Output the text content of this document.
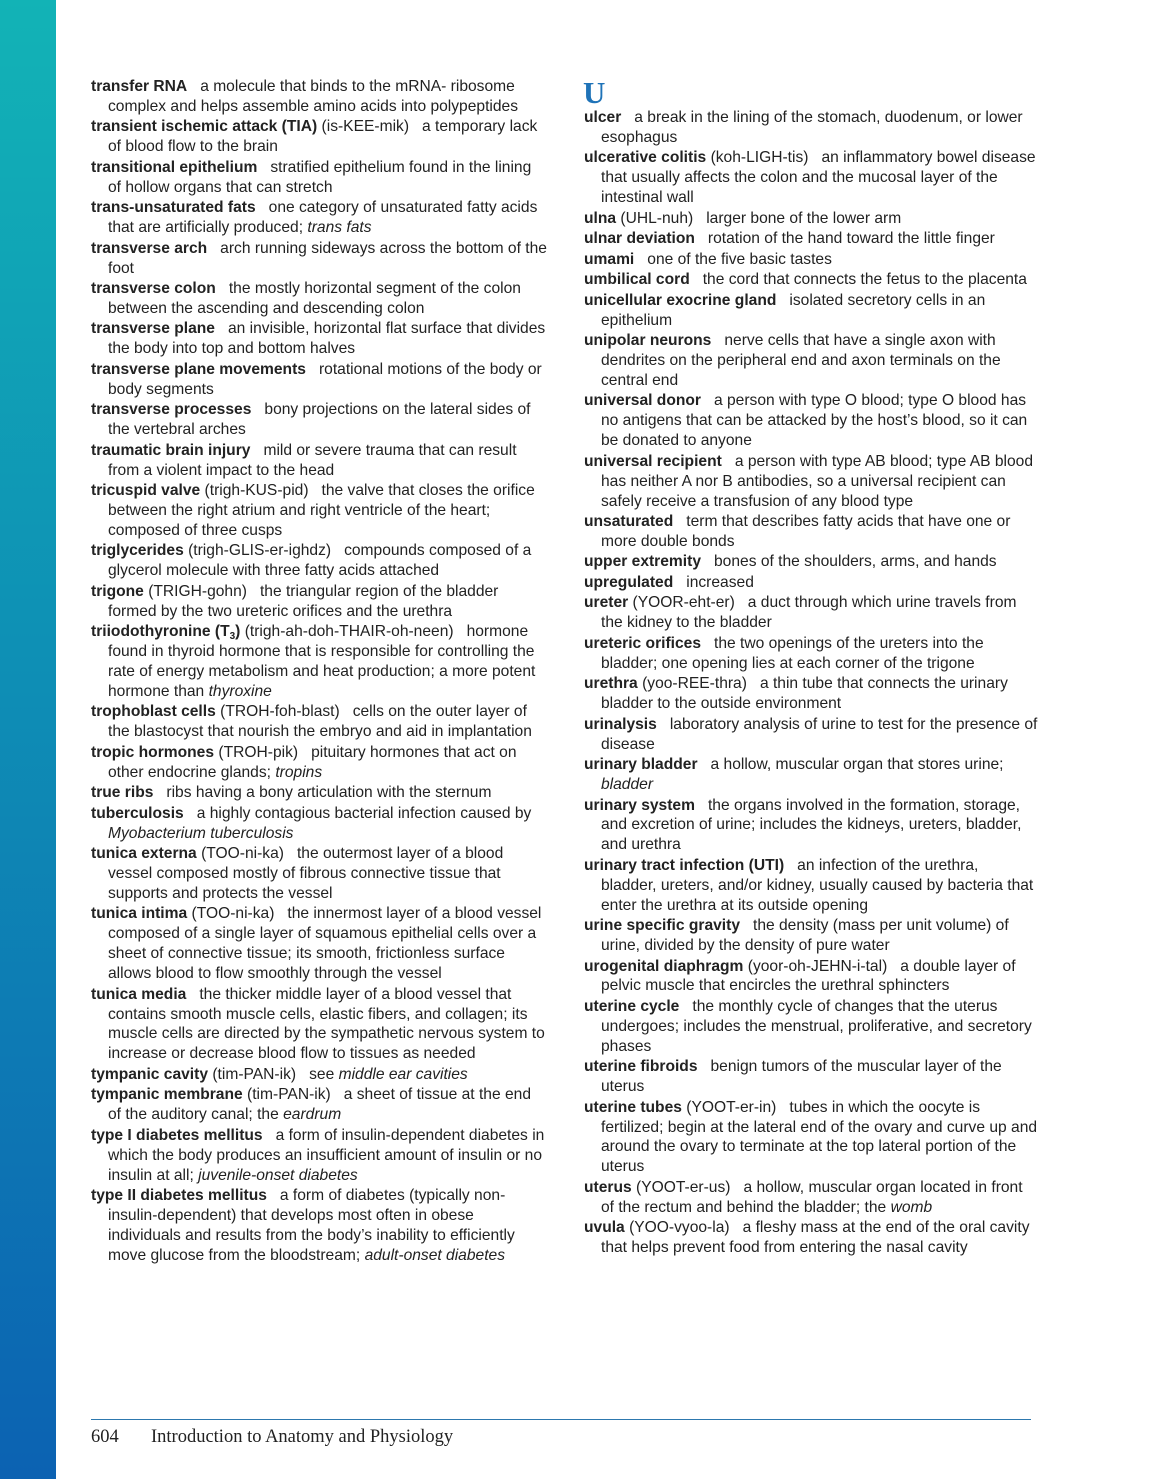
transfer RNA a molecule that binds to the mRNA- ribosome complex and helps assemble amino acids into polypeptides
transient ischemic attack (TIA) (is-KEE-mik) a temporary lack of blood flow to the brain
transitional epithelium stratified epithelium found in the lining of hollow organs that can stretch
trans-unsaturated fats one category of unsaturated fatty acids that are artificially produced; trans fats
transverse arch arch running sideways across the bottom of the foot
transverse colon the mostly horizontal segment of the colon between the ascending and descending colon
transverse plane an invisible, horizontal flat surface that divides the body into top and bottom halves
transverse plane movements rotational motions of the body or body segments
transverse processes bony projections on the lateral sides of the vertebral arches
traumatic brain injury mild or severe trauma that can result from a violent impact to the head
tricuspid valve (trigh-KUS-pid) the valve that closes the orifice between the right atrium and right ventricle of the heart; composed of three cusps
triglycerides (trigh-GLIS-er-ighdz) compounds composed of a glycerol molecule with three fatty acids attached
trigone (TRIGH-gohn) the triangular region of the bladder formed by the two ureteric orifices and the urethra
triiodothyronine $(T_3)$ (trigh-ah-doh-THAIR-oh-neen) hormone found in thyroid hormone that is responsible for controlling the rate of energy metabolism and heat production; a more potent hormone than thyroxine
trophoblast cells (TROH-foh-blast) cells on the outer layer of the blastocyst that nourish the embryo and aid in implantation
tropic hormones (TROH-pik) pituitary hormones that act on other endocrine glands; tropins
true ribs ribs having a bony articulation with the sternum
tuberculosis a highly contagious bacterial infection caused by Myobacterium tuberculosis
tunica externa (TOO-ni-ka) the outermost layer of a blood vessel composed mostly of fibrous connective tissue that supports and protects the vessel
tunica intima (TOO-ni-ka) the innermost layer of a blood vessel composed of a single layer of squamous epithelial cells over a sheet of connective tissue; its smooth, frictionless surface allows blood to flow smoothly through the vessel
tunica media the thicker middle layer of a blood vessel that contains smooth muscle cells, elastic fibers, and collagen; its muscle cells are directed by the sympathetic nervous system to increase or decrease blood flow to tissues as needed
tympanic cavity (tim-PAN-ik) see middle ear cavities
tympanic membrane (tim-PAN-ik) a sheet of tissue at the end of the auditory canal; the eardrum
type I diabetes mellitus a form of insulin-dependent diabetes in which the body produces an insufficient amount of insulin or no insulin at all; juvenile-onset diabetes
type II diabetes mellitus a form of diabetes (typically non-insulin-dependent) that develops most often in obese individuals and results from the body’s inability to efficiently move glucose from the bloodstream; adult-onset diabetes
U
ulcer a break in the lining of the stomach, duodenum, or lower esophagus
ulcerative colitis (koh-LIGH-tis) an inflammatory bowel disease that usually affects the colon and the mucosal layer of the intestinal wall
ulna (UHL-nuh) larger bone of the lower arm
ulnar deviation rotation of the hand toward the little finger
umami one of the five basic tastes
umbilical cord the cord that connects the fetus to the placenta
unicellular exocrine gland isolated secretory cells in an epithelium
unipolar neurons nerve cells that have a single axon with dendrites on the peripheral end and axon terminals on the central end
universal donor a person with type O blood; type O blood has no antigens that can be attacked by the host’s blood, so it can be donated to anyone
universal recipient a person with type AB blood; type AB blood has neither A nor B antibodies, so a universal recipient can safely receive a transfusion of any blood type
unsaturated term that describes fatty acids that have one or more double bonds
upper extremity bones of the shoulders, arms, and hands
upregulated increased
ureter (YOOR-eht-er) a duct through which urine travels from the kidney to the bladder
ureteric orifices the two openings of the ureters into the bladder; one opening lies at each corner of the trigone
urethra (yoo-REE-thra) a thin tube that connects the urinary bladder to the outside environment
urinalysis laboratory analysis of urine to test for the presence of disease
urinary bladder a hollow, muscular organ that stores urine; bladder
urinary system the organs involved in the formation, storage, and excretion of urine; includes the kidneys, ureters, bladder, and urethra
urinary tract infection (UTI) an infection of the urethra, bladder, ureters, and/or kidney, usually caused by bacteria that enter the urethra at its outside opening
urine specific gravity the density (mass per unit volume) of urine, divided by the density of pure water
urogenital diaphragm (yoor-oh-JEHN-i-tal) a double layer of pelvic muscle that encircles the urethral sphincters
uterine cycle the monthly cycle of changes that the uterus undergoes; includes the menstrual, proliferative, and secretory phases
uterine fibroids benign tumors of the muscular layer of the uterus
uterine tubes (YOOT-er-in) tubes in which the oocyte is fertilized; begin at the lateral end of the ovary and curve up and around the ovary to terminate at the top lateral portion of the uterus
uterus (YOOT-er-us) a hollow, muscular organ located in front of the rectum and behind the bladder; the womb
uvula (YOO-vyoo-la) a fleshy mass at the end of the oral cavity that helps prevent food from entering the nasal cavity
604 Introduction to Anatomy and Physiology
